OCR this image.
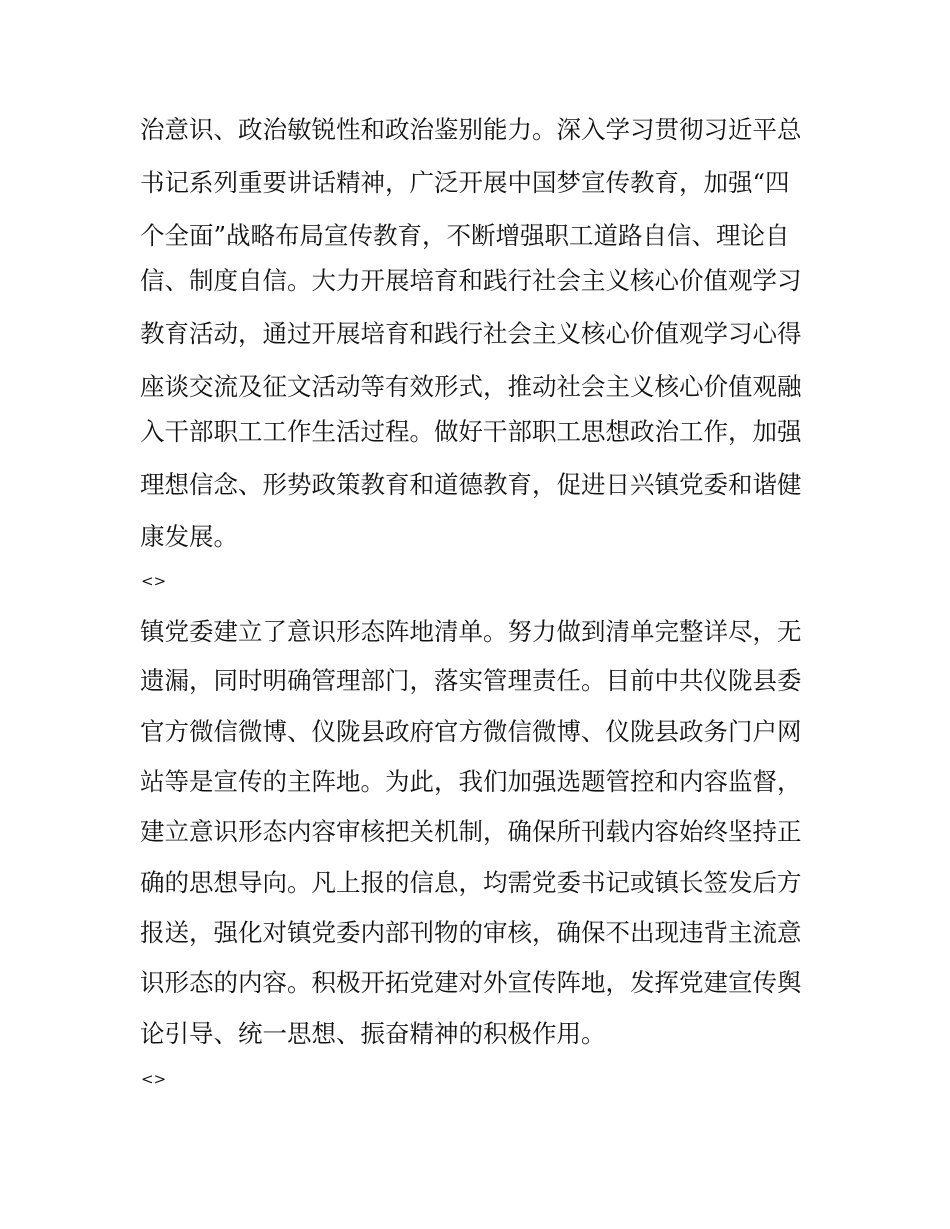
治意识、政治敏锐性和政治鉴别能力。深入学习贯彻习近平总
书记系列重要讲话精神，广泛开展中国梦宣传教育，加强“四
个全面”战略布局宣传教育，不断增强职工道路自信、理论自
信、制度自信。大力开展培育和践行社会主义核心价值观学习
教育活动，通过开展培育和践行社会主义核心价值观学习心得
座谈交流及征文活动等有效形式，推动社会主义核心价值观融
入干部职工工作生活过程。做好干部职工思想政治工作，加强
理想信念、形势政策教育和道德教育，促进日兴镇党委和谐健
康发展。
<>
镇党委建立了意识形态阵地清单。努力做到清单完整详尽，无
遗漏，同时明确管理部门，落实管理责任。目前中共仪陇县委
官方微信微博、仪陇县政府官方微信微博、仪陇县政务门户网
站等是宣传的主阵地。为此，我们加强选题管控和内容监督，
建立意识形态内容审核把关机制，确保所刊载内容始终坚持正
确的思想导向。凡上报的信息，均需党委书记或镇长签发后方
报送，强化对镇党委内部刊物的审核，确保不出现违背主流意
识形态的内容。积极开拓党建对外宣传阵地，发挥党建宣传舆
论引导、统一思想、振奋精神的积极作用。
<>
